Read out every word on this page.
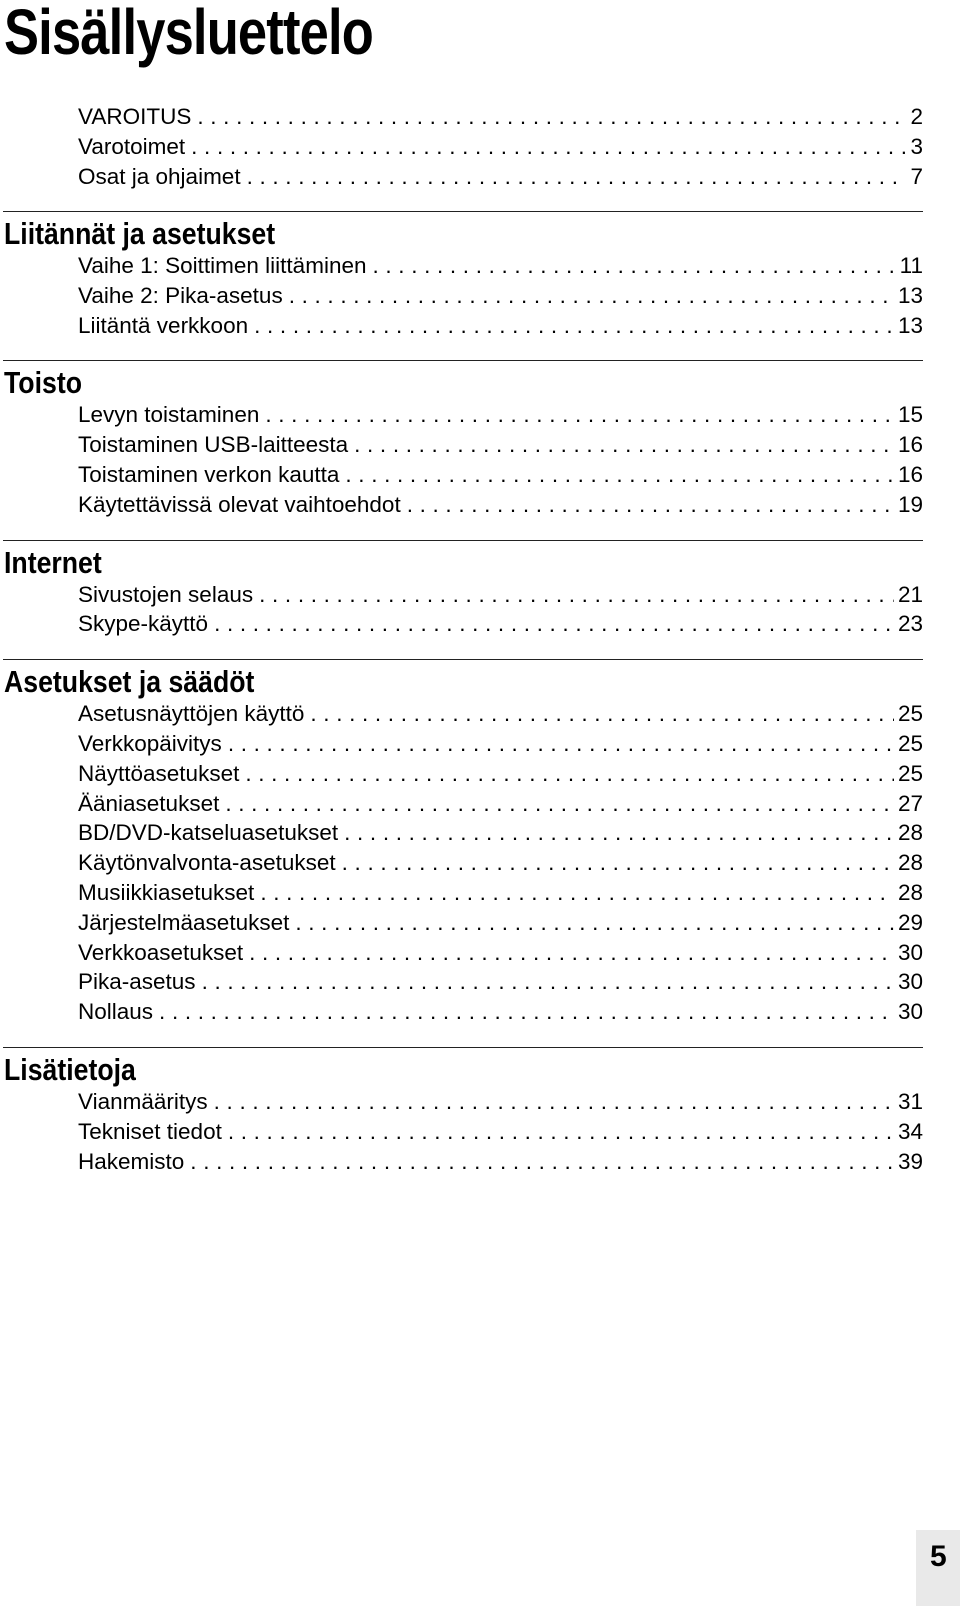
Sisällysluettelo
VAROITUS . . .	2
Varotoimet . . .	3
Osat ja ohjaimet . . .	7
Liitännät ja asetukset
Vaihe 1: Soittimen liittäminen . . .	11
Vaihe 2: Pika-asetus . . .	13
Liitäntä verkkoon . . .	13
Toisto
Levyn toistaminen . . .	15
Toistaminen USB-laitteesta . . .	16
Toistaminen verkon kautta . . .	16
Käytettävissä olevat vaihtoehdot . . .	19
Internet
Sivustojen selaus . . .	21
Skype-käyttö . . .	23
Asetukset ja säädöt
Asetusnäyttöjen käyttö . . .	25
Verkkopäivitys . . .	25
Näyttöasetukset . . .	25
Ääniasetukset . . .	27
BD/DVD-katseluasetukset . . .	28
Käytönvalvonta-asetukset . . .	28
Musiikkiasetukset . . .	28
Järjestelmäasetukset . . .	29
Verkkoasetukset . . .	30
Pika-asetus . . .	30
Nollaus . . .	30
Lisätietoja
Vianmääritys . . .	31
Tekniset tiedot . . .	34
Hakemisto . . .	39
5
